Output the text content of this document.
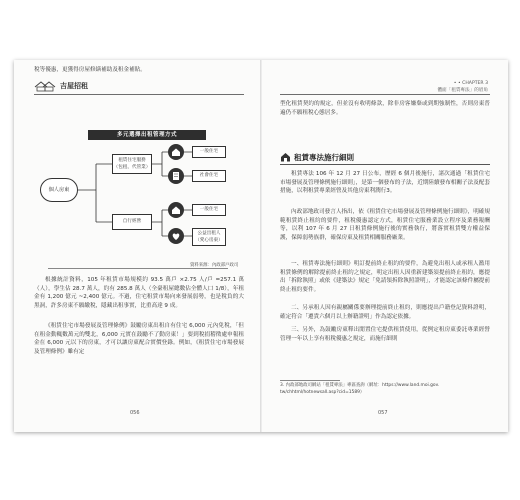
稅等優惠，更獲得房屋修繕補助及租金補貼。

吉屋招租
多元選擇出租管理方式
個人房東
租賃住宅服務
（包租、代管業）
自行經營
一般住宅
社會住宅
一般住宅
公益出租人
（愛心房東）
資料來源：內政部戶政司

根據統計資料，105 年租賃市場規模約 93.5 萬戶 ×2.75 人/戶 =257.1 萬（人），學生佔 28.7 萬人，約有 285.8 萬人（全臺租屋總數佔全體人口 1/8），年租金有 1,200 億元 ~2,400 億元。不過，住宅租賃市場向來發展弱勢，也是稅負的大黑洞，許多房東不願繳稅，隱藏出租事實，比重高達 9 成。

《租賃住宅市場發展及管理條例》鼓勵房東出租自有住宅 6,000 元內免稅，「但在租金動輒數萬元的雙北，6,000 元實在鼓勵不了動房東！」要到稅捐稽徵處申報租金在 6,000 元以下的房東，才可以讓房東配合實價登錄。例如，《租賃住宅市場發展及管理條例》雖有定

056
• • CHAPTER 3
體面「租賃專法」的眉角

型化租賃契約的規定，但並沒有收明條款，除非房客嫌棄或到期強制性，否則房東普遍仍不願租稅心態居多。

租賃專法施行細則

租賃專法 106 年 12 月 27 日公布，歷經 6 個月後施行，諸次通過「租賃住宅市場發展及管理條例施行細則」，是第一個發布的子法，近期陸續發布相關子法及配套措施，以利租賃專業經營及其他房東利潤行3。

內政部地政司發言人指出，依《租賃住宅市場發展及管理條例施行細則》，明確規範租賃終止租約的要件，租稅優惠認定方式，租賃住宅服務業設立程序及業務報酬等，以利 107 年 6 月 27 日租賃條例施行後的實務執行，將落實租賃雙方權益保護，保障弱勢族群，確保房東及租賃相關服務廠業。

一、租賃專法施行細則》明訂提前終止租約的要件，為避免出租人或承租人濫用租賃條例的解除提前終止租約之規定，明定出租人因重新建築須提前終止租約，應提出「拆除執照」或依《建築法》規定「免請領拆除執照證明」，才能認定該條件屬提前終止租約要件。

二、另承租人因有親屬關係要辦理提前終止租約，則應提出戶籍登記資料證明，確定符合「遷貴六個月以上辦籍證明」作為認定依據。

三、另外，為鼓勵房東釋出閒置住宅提供租賃使用，從例定租房東委託專業經營管理一年以上享有租稅優惠之規定，而施行細則

3. 內政部地政司網站「租賃專法」專區查詢（網址：https://www.land.moi.gov.
tw/chhtml/hotnewsall.asp?cid=1589）
057
